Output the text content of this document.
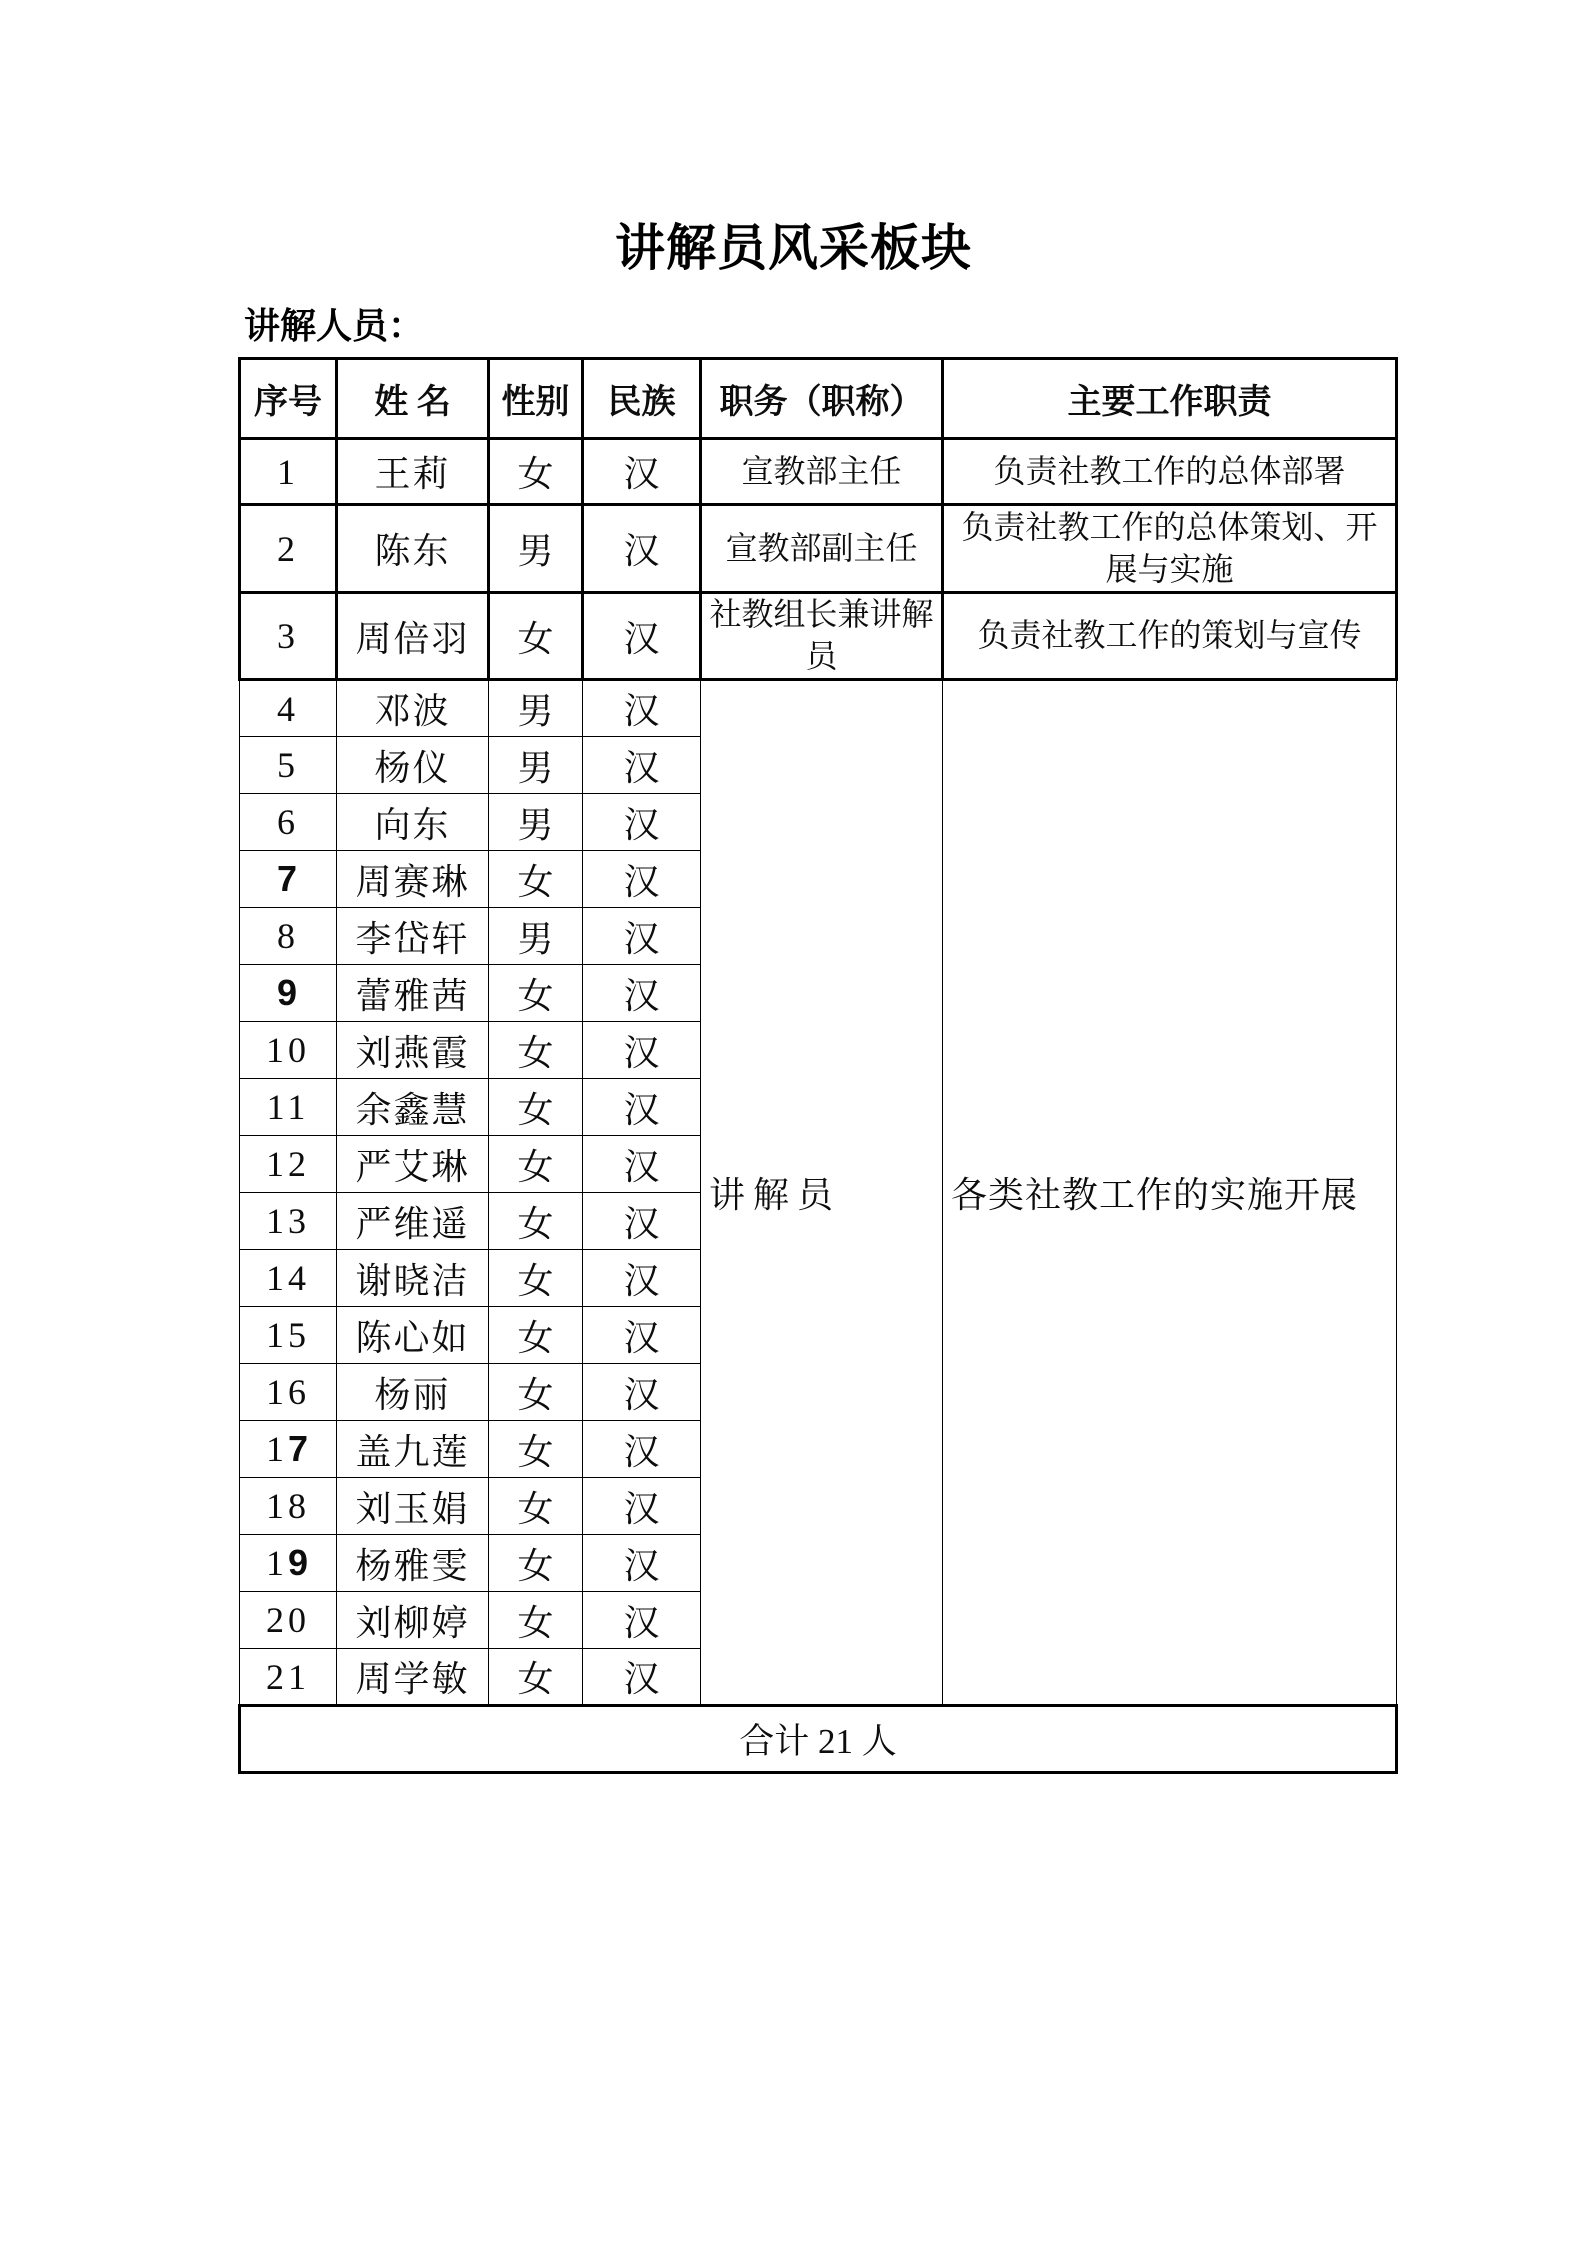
讲解员风采板块
讲解人员：
序号	姓 名	性别	民族	职务（职称）	主要工作职责
1	王莉	女	汉	宣教部主任	负责社教工作的总体部署
2	陈东	男	汉	宣教部副主任	负责社教工作的总体策划、开展与实施
3	周倍羽	女	汉	社教组长兼讲解员	负责社教工作的策划与宣传
4	邓波	男	汉	讲解员	各类社教工作的实施开展
5	杨仪	男	汉		
6	向东	男	汉		
7	周赛琳	女	汉		
8	李岱轩	男	汉		
9	蕾雅茜	女	汉		
10	刘燕霞	女	汉		
11	余鑫慧	女	汉		
12	严艾琳	女	汉		
13	严维遥	女	汉		
14	谢晓洁	女	汉		
15	陈心如	女	汉		
16	杨丽	女	汉		
17	盖九莲	女	汉		
18	刘玉娟	女	汉		
19	杨雅雯	女	汉		
20	刘柳婷	女	汉		
21	周学敏	女	汉		
合计 21 人					
